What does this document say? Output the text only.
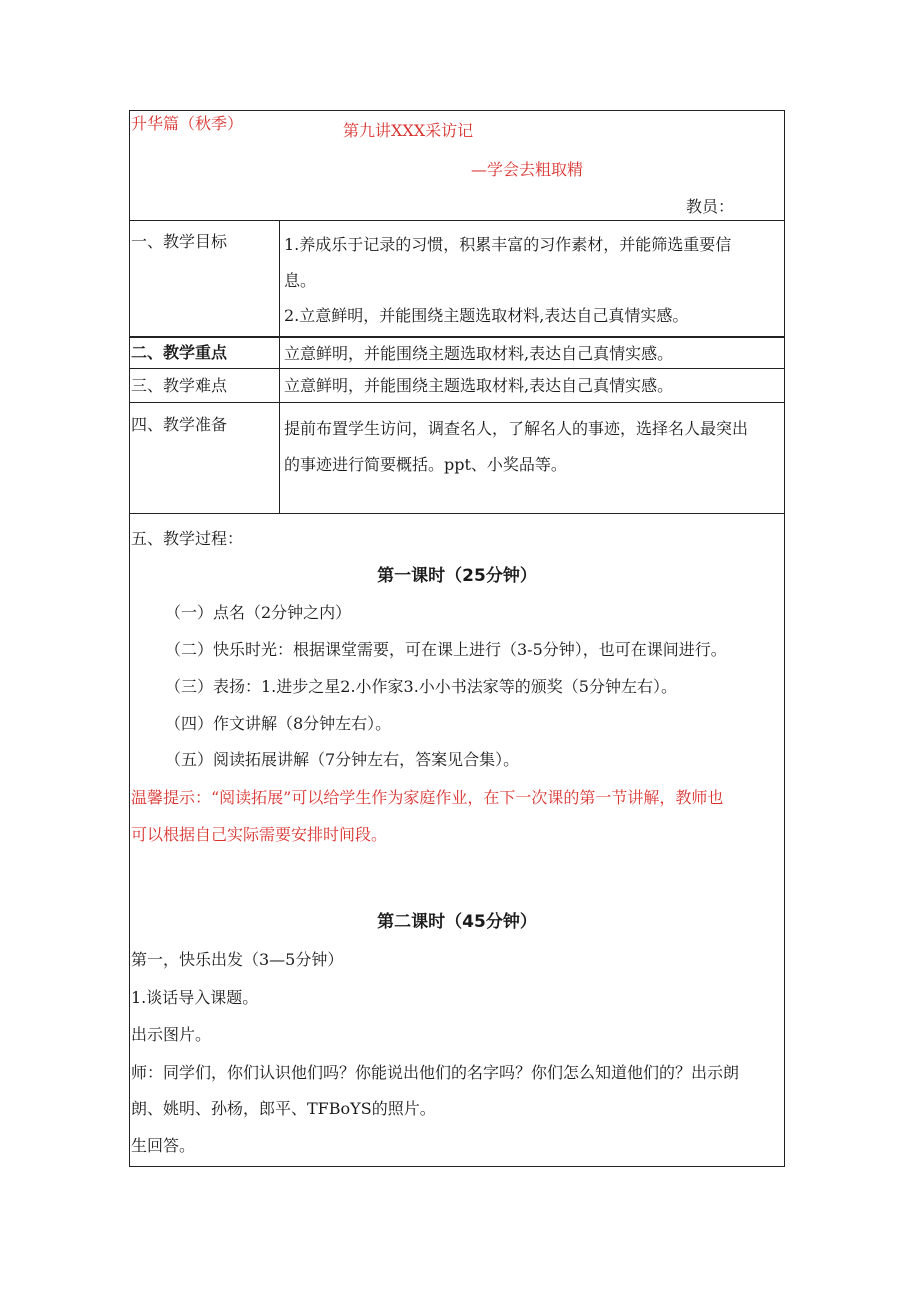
升华篇（秋季）	第九讲XXX采访记
—学会去粗取精
教员：
一、教学目标	1.养成乐于记录的习惯，积累丰富的习作素材，并能筛选重要信
息。
2.立意鲜明，并能围绕主题选取材料,表达自己真情实感。
二、教学重点	立意鲜明，并能围绕主题选取材料,表达自己真情实感。
三、教学难点	立意鲜明，并能围绕主题选取材料,表达自己真情实感。
四、教学准备	提前布置学生访问，调查名人，了解名人的事迹，选择名人最突出
的事迹进行简要概括。ppt、小奖品等。
五、教学过程：
第一课时（25分钟）
（一）点名（2分钟之内）
（二）快乐时光：根据课堂需要，可在课上进行（3-5分钟），也可在课间进行。
（三）表扬：1.进步之星2.小作家3.小小书法家等的颁奖（5分钟左右）。
（四）作文讲解（8分钟左右）。
（五）阅读拓展讲解（7分钟左右，答案见合集）。
温馨提示：“阅读拓展”可以给学生作为家庭作业，在下一次课的第一节讲解，教师也
可以根据自己实际需要安排时间段。
第二课时（45分钟）
第一，快乐出发（3—5分钟）
1.谈话导入课题。
出示图片。
师：同学们，你们认识他们吗？你能说出他们的名字吗？你们怎么知道他们的？出示朗
朗、姚明、孙杨，郎平、TFBoYS的照片。
生回答。
